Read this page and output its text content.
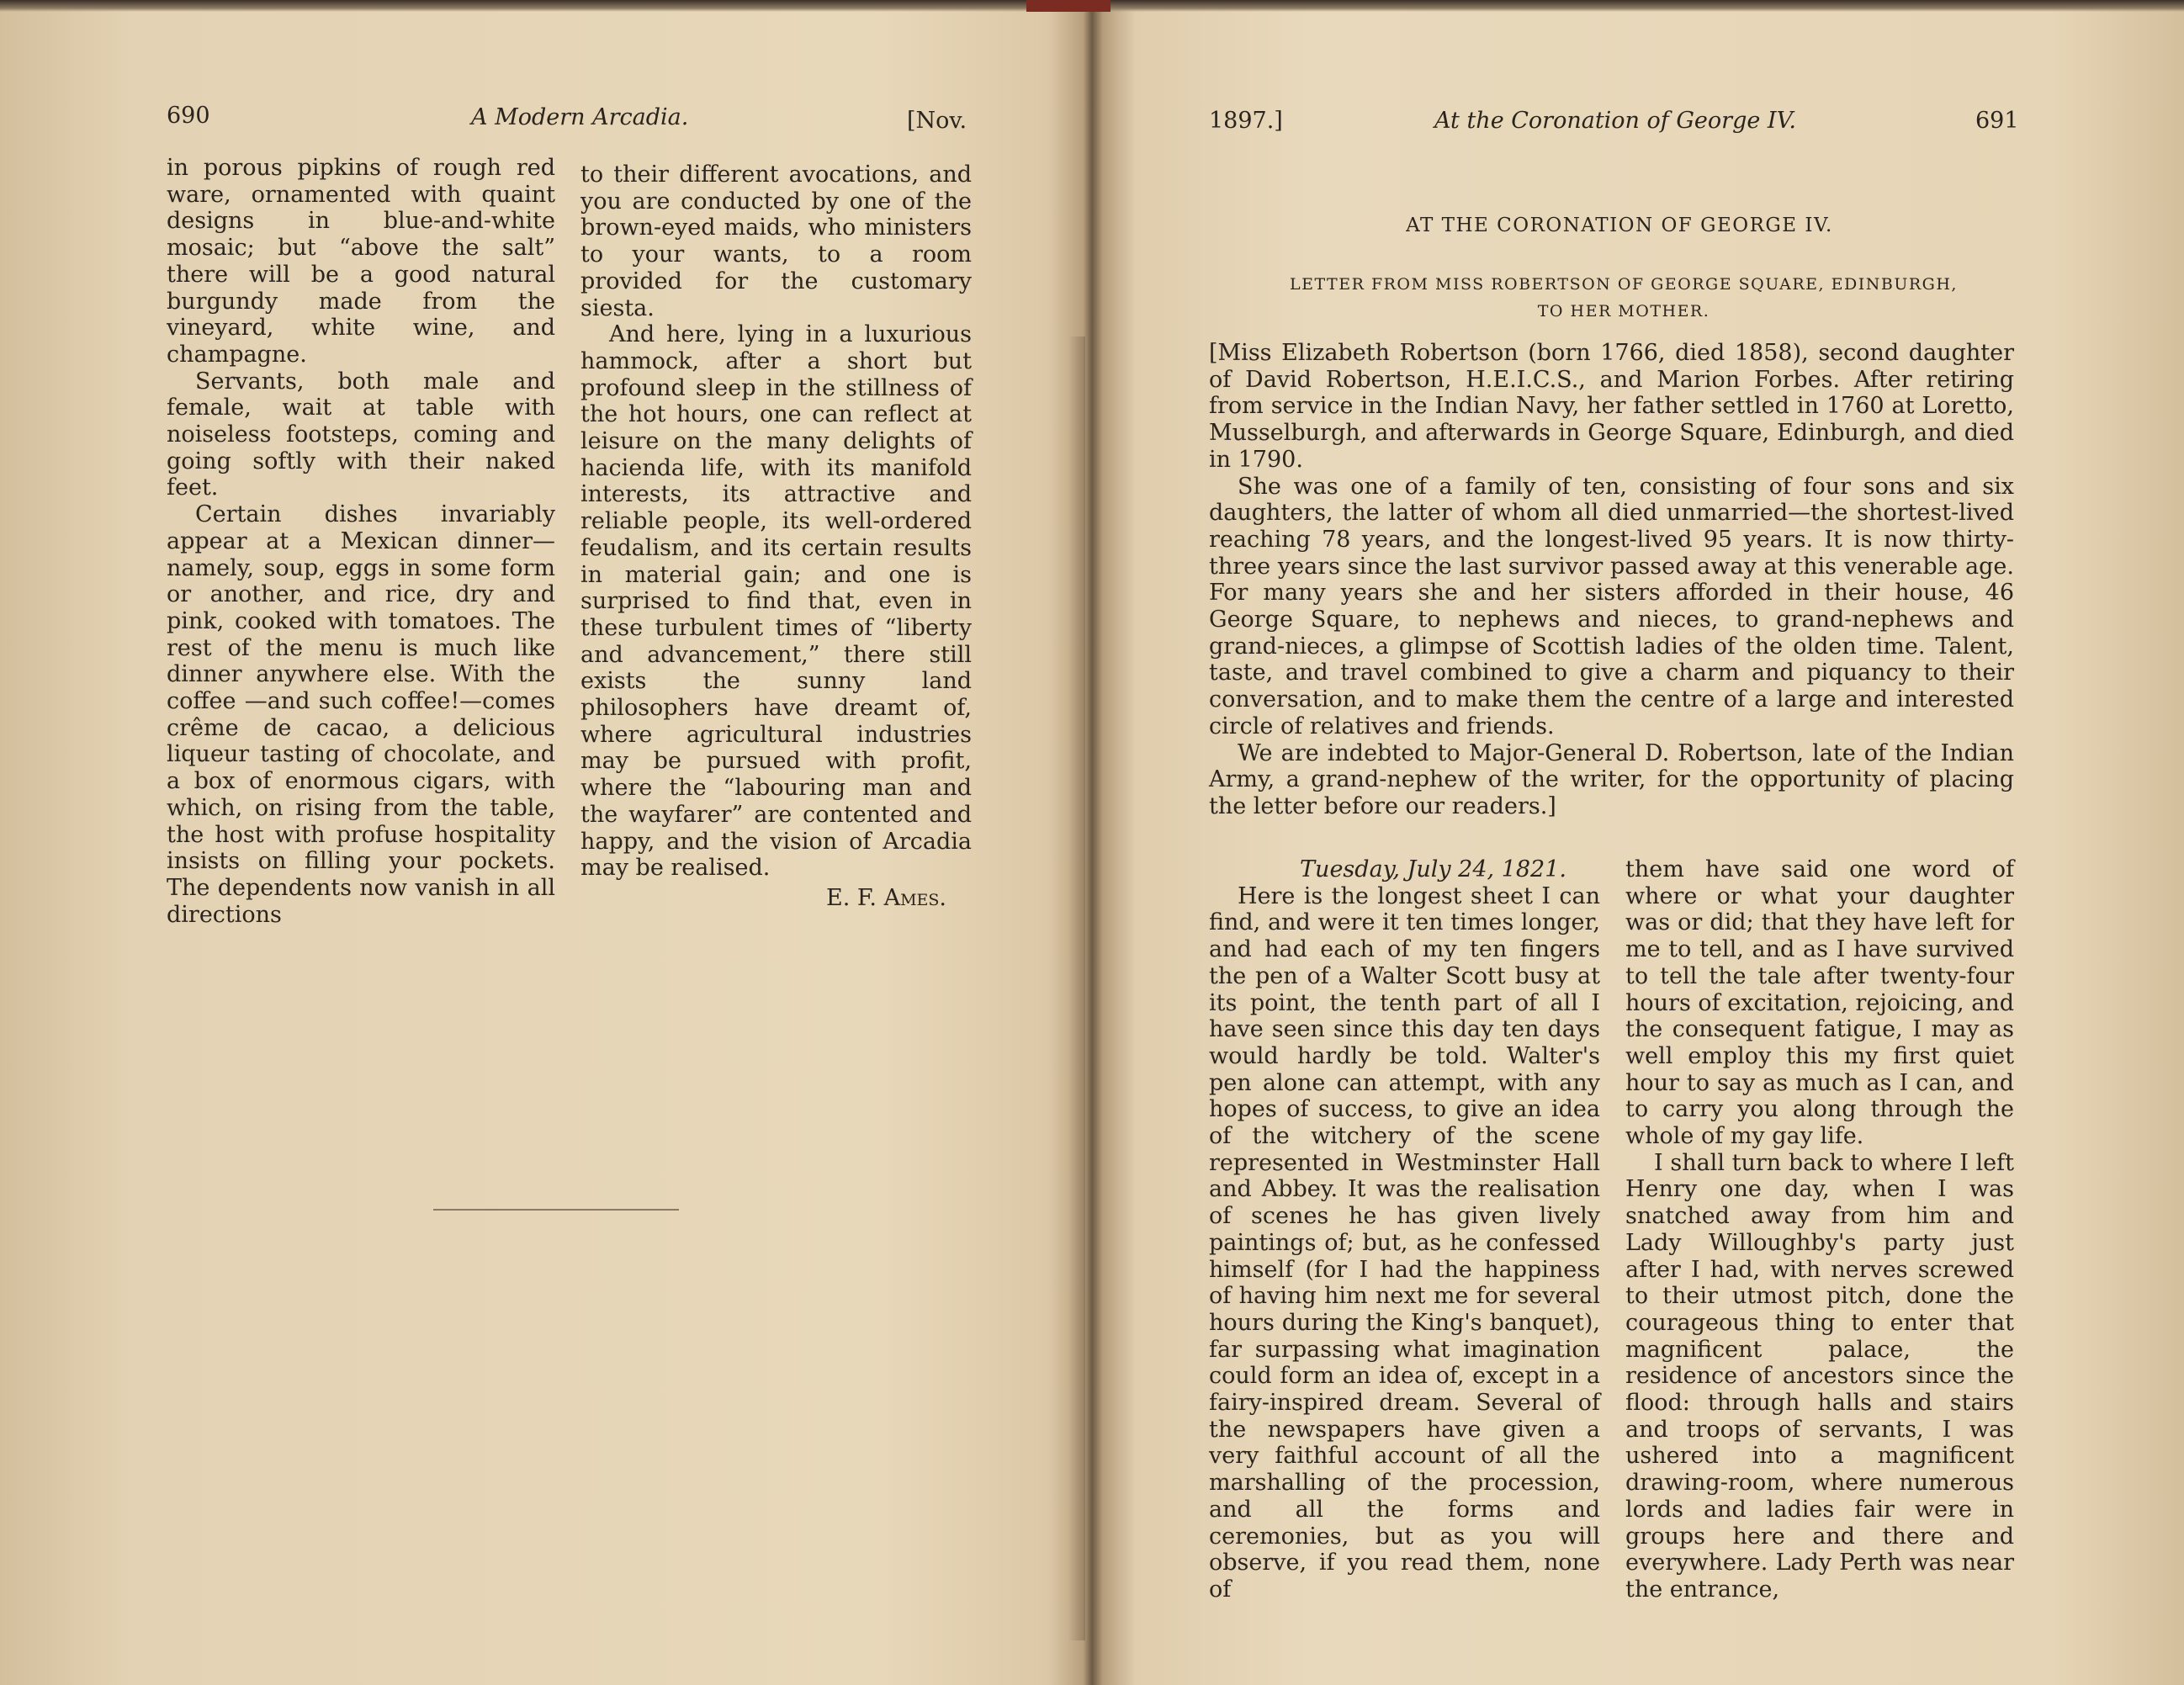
690	A Modern Arcadia.	[Nov.

in porous pipkins of rough red ware, ornamented with quaint designs in blue-and-white mosaic; but “above the salt” there will be a good natural burgundy made from the vineyard, white wine, and champagne.

Servants, both male and female, wait at table with noiseless footsteps, coming and going softly with their naked feet.

Certain dishes invariably appear at a Mexican dinner—namely, soup, eggs in some form or another, and rice, dry and pink, cooked with tomatoes. The rest of the menu is much like dinner anywhere else. With the coffee —and such coffee!—comes crême de cacao, a delicious liqueur tasting of chocolate, and a box of enormous cigars, with which, on rising from the table, the host with profuse hospitality insists on filling your pockets. The dependents now vanish in all directions

to their different avocations, and you are conducted by one of the brown-eyed maids, who ministers to your wants, to a room provided for the customary siesta.

And here, lying in a luxurious hammock, after a short but profound sleep in the stillness of the hot hours, one can reflect at leisure on the many delights of hacienda life, with its manifold interests, its attractive and reliable people, its well-ordered feudalism, and its certain results in material gain; and one is surprised to find that, even in these turbulent times of “liberty and advancement,” there still exists the sunny land philosophers have dreamt of, where agricultural industries may be pursued with profit, where the “labouring man and the wayfarer” are contented and happy, and the vision of Arcadia may be realised.

E. F. Ames.
1897.]	At the Coronation of George IV.	691
AT THE CORONATION OF GEORGE IV.
LETTER FROM MISS ROBERTSON OF GEORGE SQUARE, EDINBURGH,
TO HER MOTHER.

[Miss Elizabeth Robertson (born 1766, died 1858), second daughter of David Robertson, H.E.I.C.S., and Marion Forbes. After retiring from service in the Indian Navy, her father settled in 1760 at Loretto, Musselburgh, and afterwards in George Square, Edinburgh, and died in 1790.

She was one of a family of ten, consisting of four sons and six daughters, the latter of whom all died unmarried—the shortest-lived reaching 78 years, and the longest-lived 95 years. It is now thirty-three years since the last survivor passed away at this venerable age. For many years she and her sisters afforded in their house, 46 George Square, to nephews and nieces, to grand-nephews and grand-nieces, a glimpse of Scottish ladies of the olden time. Talent, taste, and travel combined to give a charm and piquancy to their conversation, and to make them the centre of a large and interested circle of relatives and friends.

We are indebted to Major-General D. Robertson, late of the Indian Army, a grand-nephew of the writer, for the opportunity of placing the letter before our readers.]

Tuesday, July 24, 1821.

Here is the longest sheet I can find, and were it ten times longer, and had each of my ten fingers the pen of a Walter Scott busy at its point, the tenth part of all I have seen since this day ten days would hardly be told. Walter's pen alone can attempt, with any hopes of success, to give an idea of the witchery of the scene represented in Westminster Hall and Abbey. It was the realisation of scenes he has given lively paintings of; but, as he confessed himself (for I had the happiness of having him next me for several hours during the King's banquet), far surpassing what imagination could form an idea of, except in a fairy-inspired dream. Several of the newspapers have given a very faithful account of all the marshalling of the procession, and all the forms and ceremonies, but as you will observe, if you read them, none of

them have said one word of where or what your daughter was or did; that they have left for me to tell, and as I have survived to tell the tale after twenty-four hours of excitation, rejoicing, and the consequent fatigue, I may as well employ this my first quiet hour to say as much as I can, and to carry you along through the whole of my gay life.

I shall turn back to where I left Henry one day, when I was snatched away from him and Lady Willoughby's party just after I had, with nerves screwed to their utmost pitch, done the courageous thing to enter that magnificent palace, the residence of ancestors since the flood: through halls and stairs and troops of servants, I was ushered into a magnificent drawing-room, where numerous lords and ladies fair were in groups here and there and everywhere. Lady Perth was near the entrance,
